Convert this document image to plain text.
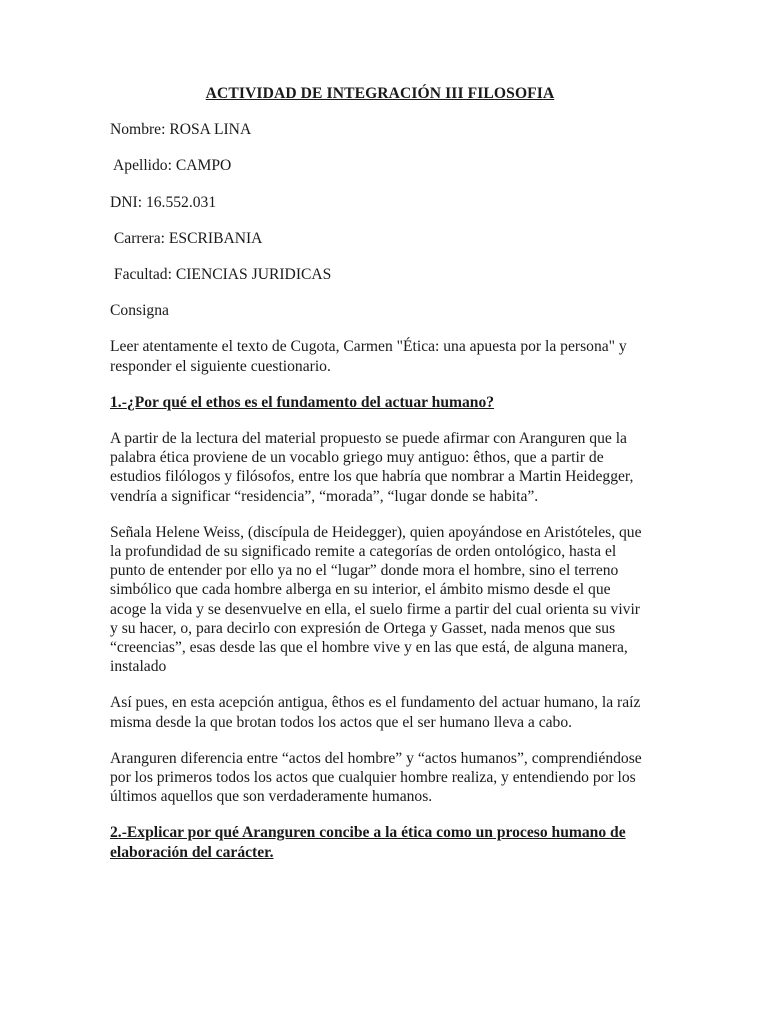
ACTIVIDAD DE INTEGRACIÓN III FILOSOFIA
Nombre: ROSA LINA
Apellido: CAMPO
DNI: 16.552.031
Carrera: ESCRIBANIA
Facultad: CIENCIAS JURIDICAS
Consigna
Leer atentamente el texto de Cugota, Carmen "Ética: una apuesta por la persona" y responder el siguiente cuestionario.
1.-¿Por qué el ethos es el fundamento del actuar humano?
A partir de la lectura del material propuesto se puede afirmar con Aranguren que la palabra ética proviene de un vocablo griego muy antiguo: êthos, que a partir de estudios filólogos y filósofos, entre los que habría que nombrar a Martin Heidegger, vendría a significar “residencia”, “morada”, “lugar donde se habita”.
Señala Helene Weiss, (discípula de Heidegger), quien apoyándose en Aristóteles, que la profundidad de su significado remite a categorías de orden ontológico, hasta el punto de entender por ello ya no el “lugar” donde mora el hombre, sino el terreno simbólico que cada hombre alberga en su interior, el ámbito mismo desde el que acoge la vida y se desenvuelve en ella, el suelo firme a partir del cual orienta su vivir y su hacer, o, para decirlo con expresión de Ortega y Gasset, nada menos que sus “creencias”, esas desde las que el hombre vive y en las que está, de alguna manera, instalado
Así pues, en esta acepción antigua, êthos es el fundamento del actuar humano, la raíz misma desde la que brotan todos los actos que el ser humano lleva a cabo.
Aranguren diferencia entre “actos del hombre” y “actos humanos”, comprendiéndose por los primeros todos los actos que cualquier hombre realiza, y entendiendo por los últimos aquellos que son verdaderamente humanos.
2.-Explicar por qué Aranguren concibe a la ética como un proceso humano de elaboración del carácter.
